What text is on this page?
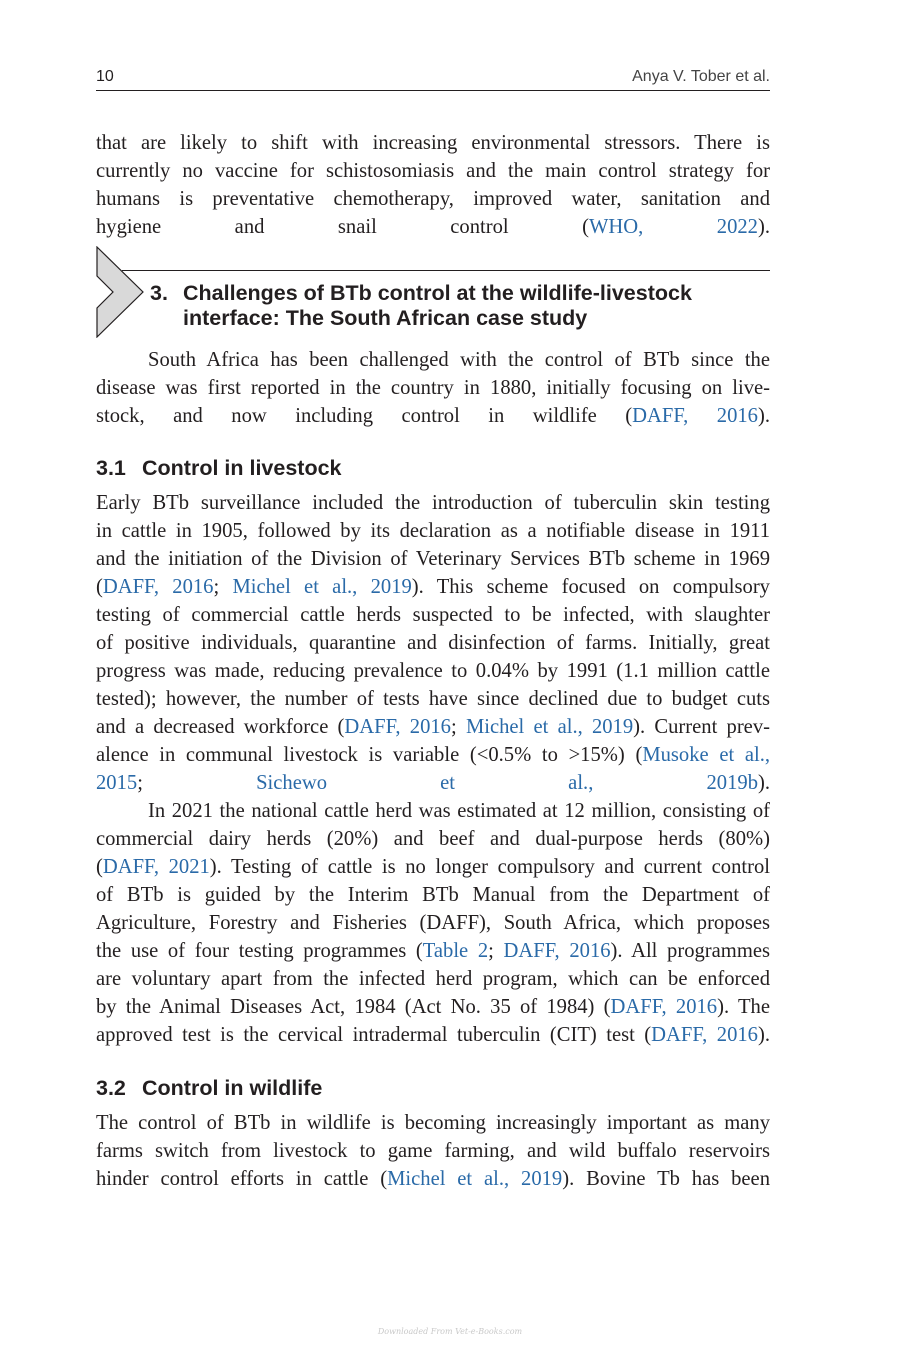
10	Anya V. Tober et al.
that are likely to shift with increasing environmental stressors. There is
currently no vaccine for schistosomiasis and the main control strategy for
humans is preventative chemotherapy, improved water, sanitation and
hygiene and snail control (WHO, 2022).
3. Challenges of BTb control at the wildlife-livestock
interface: The South African case study
South Africa has been challenged with the control of BTb since the
disease was first reported in the country in 1880, initially focusing on live-
stock, and now including control in wildlife (DAFF, 2016).
3.1 Control in livestock
Early BTb surveillance included the introduction of tuberculin skin testing
in cattle in 1905, followed by its declaration as a notifiable disease in 1911
and the initiation of the Division of Veterinary Services BTb scheme in 1969
(DAFF, 2016; Michel et al., 2019). This scheme focused on compulsory
testing of commercial cattle herds suspected to be infected, with slaughter
of positive individuals, quarantine and disinfection of farms. Initially, great
progress was made, reducing prevalence to 0.04% by 1991 (1.1 million cattle
tested); however, the number of tests have since declined due to budget cuts
and a decreased workforce (DAFF, 2016; Michel et al., 2019). Current prev-
alence in communal livestock is variable (<0.5% to >15%) (Musoke et al.,
2015; Sichewo et al., 2019b).
In 2021 the national cattle herd was estimated at 12 million, consisting of
commercial dairy herds (20%) and beef and dual-purpose herds (80%)
(DAFF, 2021). Testing of cattle is no longer compulsory and current control
of BTb is guided by the Interim BTb Manual from the Department of
Agriculture, Forestry and Fisheries (DAFF), South Africa, which proposes
the use of four testing programmes (Table 2; DAFF, 2016). All programmes
are voluntary apart from the infected herd program, which can be enforced
by the Animal Diseases Act, 1984 (Act No. 35 of 1984) (DAFF, 2016). The
approved test is the cervical intradermal tuberculin (CIT) test (DAFF, 2016).
3.2 Control in wildlife
The control of BTb in wildlife is becoming increasingly important as many
farms switch from livestock to game farming, and wild buffalo reservoirs
hinder control efforts in cattle (Michel et al., 2019). Bovine Tb has been
Downloaded From Vet-e-Books.com
